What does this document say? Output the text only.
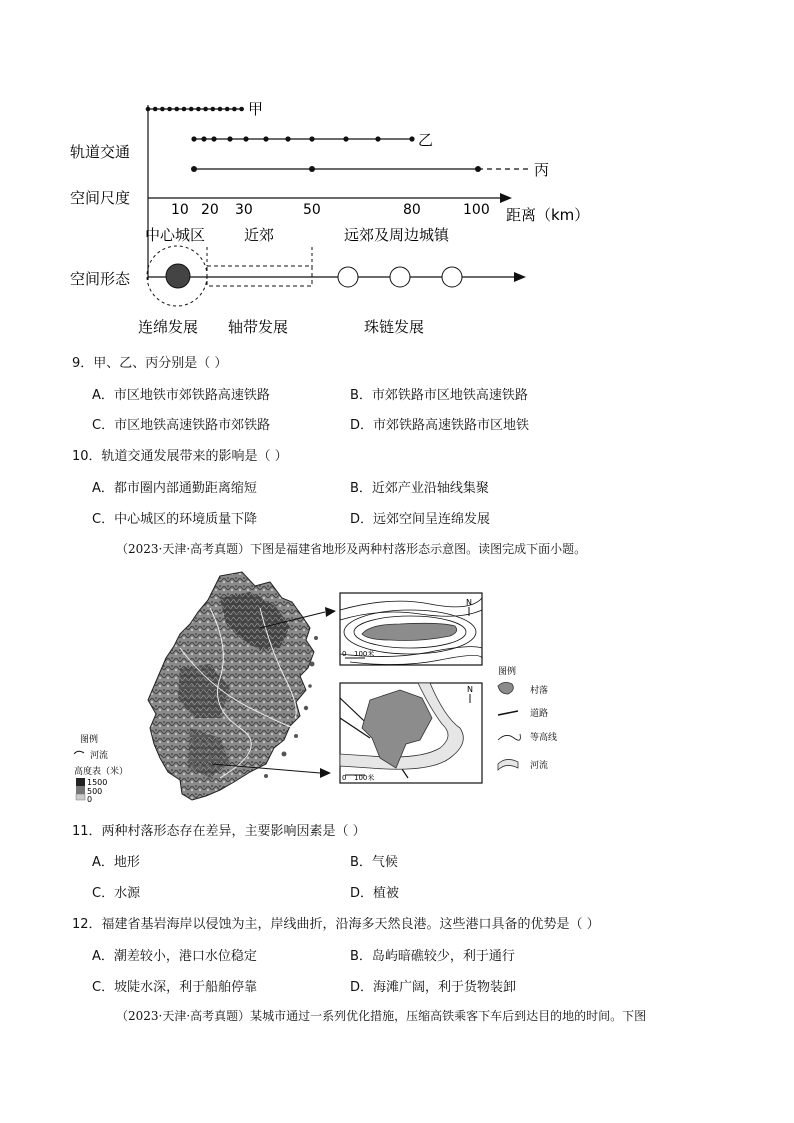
甲
乙
丙
轨道交通
空间尺度
空间形态
10 20 30	50	80	100 距离（km）
中心城区	近郊	远郊及周边城镇
连绵发展 轴带发展	珠链发展
9．甲、乙、丙分别是（ ）
A．市区地铁市郊铁路高速铁路	B．市郊铁路市区地铁高速铁路
C．市区地铁高速铁路市郊铁路	D．市郊铁路高速铁路市区地铁
10．轨道交通发展带来的影响是（ ）
A．都市圈内部通勤距离缩短	B．近郊产业沿轴线集聚
C．中心城区的环境质量下降	D．远郊空间呈连绵发展
（2023·天津·高考真题）下图是福建省地形及两种村落形态示意图。读图完成下面小题。
图例
河流
高度表（米）
1500
500
0
N
0 100米
N
0 100米
图例
村落
道路
等高线
河流
11．两种村落形态存在差异，主要影响因素是（ ）
A．地形	B．气候
C．水源	D．植被
12．福建省基岩海岸以侵蚀为主，岸线曲折，沿海多天然良港。这些港口具备的优势是（ ）
A．潮差较小，港口水位稳定	B．岛屿暗礁较少，利于通行
C．坡陡水深，利于船舶停靠	D．海滩广阔，利于货物装卸
（2023·天津·高考真题）某城市通过一系列优化措施，压缩高铁乘客下车后到达目的地的时间。下图
